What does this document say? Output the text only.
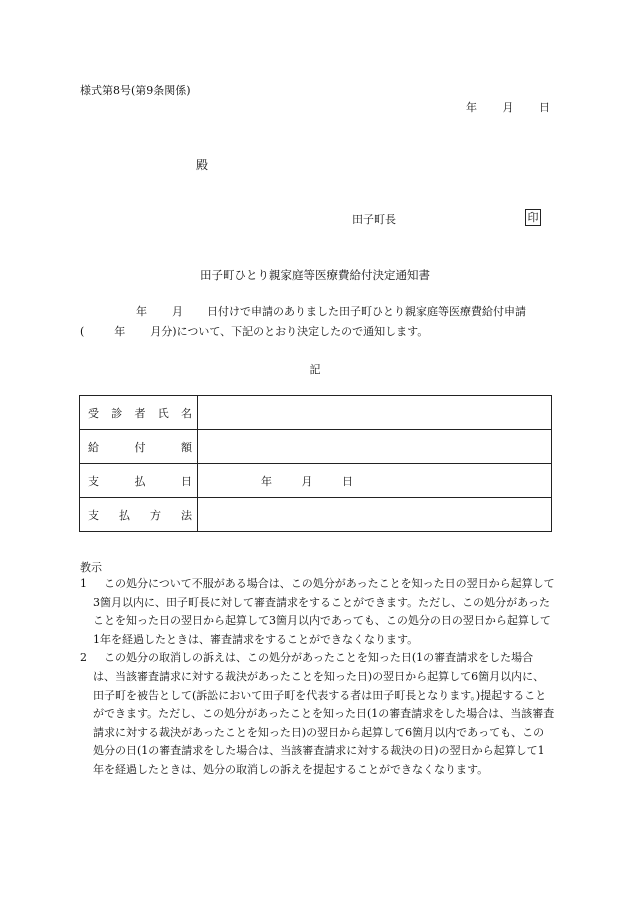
様式第8号(第9条関係)
年 月 日
殿
田子町長	印
田子町ひとり親家庭等医療費給付決定通知書
年 月 日付けで申請のありました田子町ひとり親家庭等医療費給付申請
(	年 月分)について、下記のとおり決定したので通知します。
記
受 診 者 氏 名	

給 付 額	

支 払 日	年 月 日

支 払 方 法	

教示
1	この処分について不服がある場合は、この処分があったことを知った日の翌日から起算して3箇月以内に、田子町長に対して審査請求をすることができます。ただし、この処分があったことを知った日の翌日から起算して3箇月以内であっても、この処分の日の翌日から起算して1年を経過したときは、審査請求をすることができなくなります。
2	この処分の取消しの訴えは、この処分があったことを知った日(1の審査請求をした場合は、当該審査請求に対する裁決があったことを知った日)の翌日から起算して6箇月以内に、田子町を被告として(訴訟において田子町を代表する者は田子町長となります。)提起することができます。ただし、この処分があったことを知った日(1の審査請求をした場合は、当該審査請求に対する裁決があったことを知った日)の翌日から起算して6箇月以内であっても、この処分の日(1の審査請求をした場合は、当該審査請求に対する裁決の日)の翌日から起算して1年を経過したときは、処分の取消しの訴えを提起することができなくなります。
